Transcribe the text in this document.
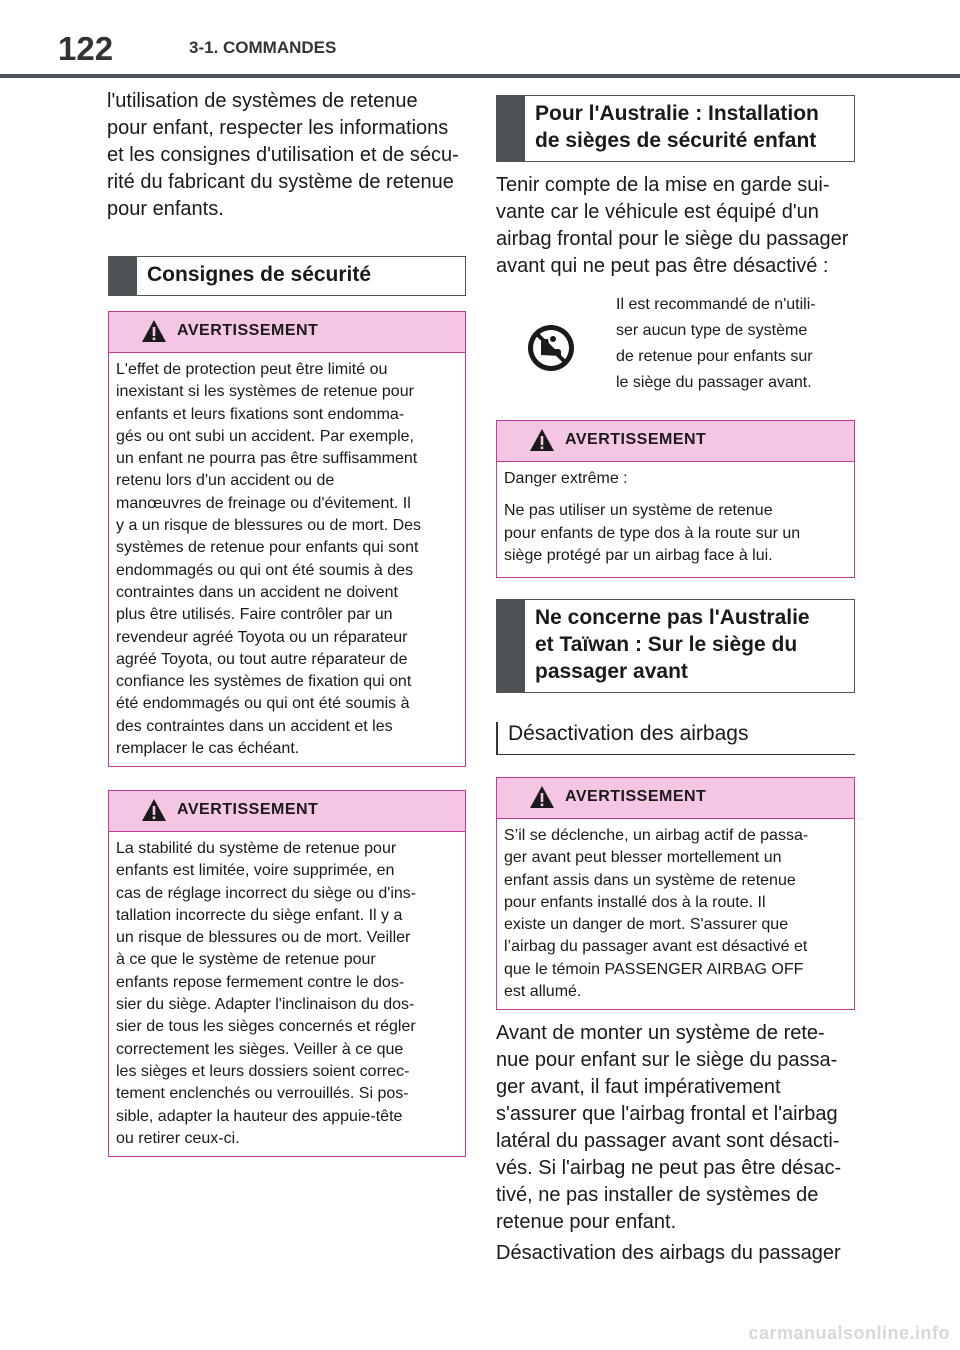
122	3-1. COMMANDES
l'utilisation de systèmes de retenue
pour enfant, respecter les informations
et les consignes d'utilisation et de sécu-
rité du fabricant du système de retenue
pour enfants.
Consignes de sécurité
AVERTISSEMENT
L'effet de protection peut être limité ou
inexistant si les systèmes de retenue pour
enfants et leurs fixations sont endomma-
gés ou ont subi un accident. Par exemple,
un enfant ne pourra pas être suffisamment
retenu lors d'un accident ou de
manœuvres de freinage ou d'évitement. Il
y a un risque de blessures ou de mort. Des
systèmes de retenue pour enfants qui sont
endommagés ou qui ont été soumis à des
contraintes dans un accident ne doivent
plus être utilisés. Faire contrôler par un
revendeur agréé Toyota ou un réparateur
agréé Toyota, ou tout autre réparateur de
confiance les systèmes de fixation qui ont
été endommagés ou qui ont été soumis à
des contraintes dans un accident et les
remplacer le cas échéant.
AVERTISSEMENT
La stabilité du système de retenue pour
enfants est limitée, voire supprimée, en
cas de réglage incorrect du siège ou d'ins-
tallation incorrecte du siège enfant. Il y a
un risque de blessures ou de mort. Veiller
à ce que le système de retenue pour
enfants repose fermement contre le dos-
sier du siège. Adapter l'inclinaison du dos-
sier de tous les sièges concernés et régler
correctement les sièges. Veiller à ce que
les sièges et leurs dossiers soient correc-
tement enclenchés ou verrouillés. Si pos-
sible, adapter la hauteur des appuie-tête
ou retirer ceux-ci.
Pour l'Australie : Installation
de sièges de sécurité enfant
Tenir compte de la mise en garde sui-
vante car le véhicule est équipé d'un
airbag frontal pour le siège du passager
avant qui ne peut pas être désactivé :
Il est recommandé de n'utili-
ser aucun type de système
de retenue pour enfants sur
le siège du passager avant.
AVERTISSEMENT

Danger extrême :

Ne pas utiliser un système de retenue
pour enfants de type dos à la route sur un
siège protégé par un airbag face à lui.
Ne concerne pas l'Australie
et Taïwan : Sur le siège du
passager avant
Désactivation des airbags
AVERTISSEMENT
S’il se déclenche, un airbag actif de passa-
ger avant peut blesser mortellement un
enfant assis dans un système de retenue
pour enfants installé dos à la route. Il
existe un danger de mort. S'assurer que
l’airbag du passager avant est désactivé et
que le témoin PASSENGER AIRBAG OFF
est allumé.
Avant de monter un système de rete-
nue pour enfant sur le siège du passa-
ger avant, il faut impérativement
s'assurer que l'airbag frontal et l'airbag
latéral du passager avant sont désacti-
vés. Si l'airbag ne peut pas être désac-
tivé, ne pas installer de systèmes de
retenue pour enfant.
Désactivation des airbags du passager
carmanualsonline.info
